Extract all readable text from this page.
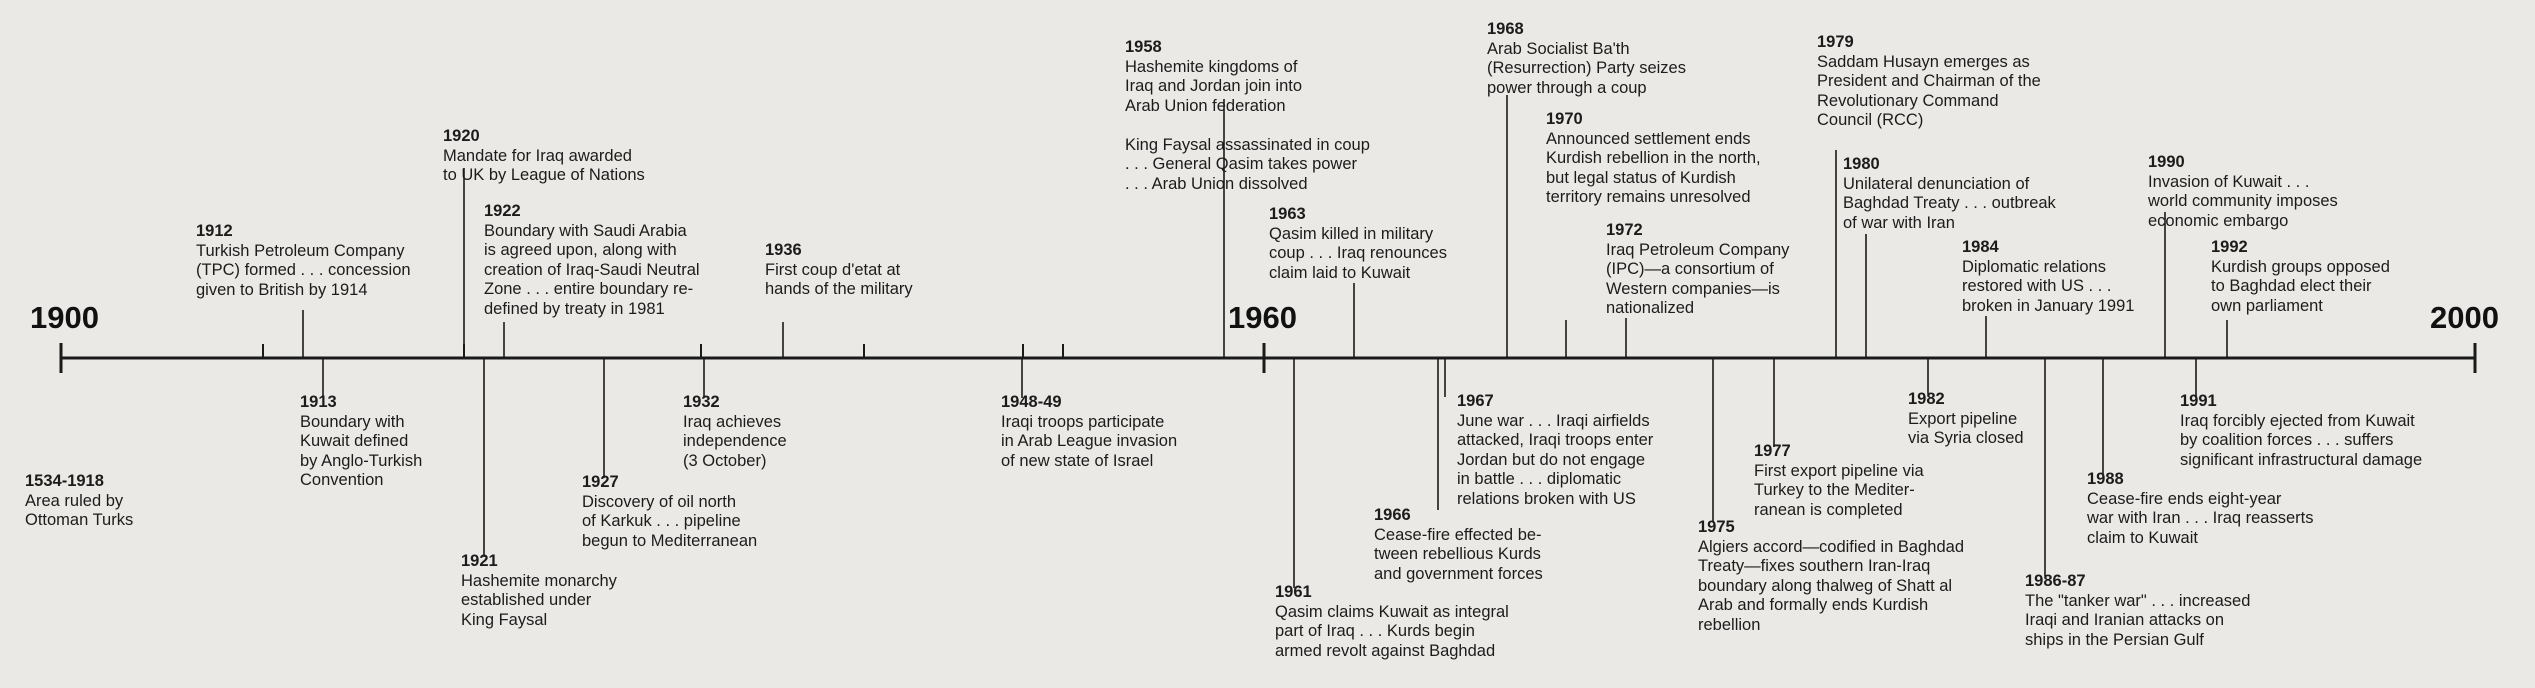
1900	1960	2000
1534-1918
Area ruled by
Ottoman Turks
1912
Turkish Petroleum Company
(TPC) formed . . . concession
given to British by 1914
1913
Boundary with
Kuwait defined
by Anglo-Turkish
Convention
1920
Mandate for Iraq awarded
to UK by League of Nations
1921
Hashemite monarchy
established under
King Faysal
1922
Boundary with Saudi Arabia
is agreed upon, along with
creation of Iraq-Saudi Neutral
Zone . . . entire boundary re-
defined by treaty in 1981
1927
Discovery of oil north
of Karkuk . . . pipeline
begun to Mediterranean
1932
Iraq achieves
independence
(3 October)
1936
First coup d'etat at
hands of the military
1948-49
Iraqi troops participate
in Arab League invasion
of new state of Israel
1958
Hashemite kingdoms of
Iraq and Jordan join into
Arab Union federation

King Faysal assassinated in coup
. . . General Qasim takes power
. . . Arab Union dissolved
1961
Qasim claims Kuwait as integral
part of Iraq . . . Kurds begin
armed revolt against Baghdad
1963
Qasim killed in military
coup . . . Iraq renounces
claim laid to Kuwait
1966
Cease-fire effected be-
tween rebellious Kurds
and government forces
1967
June war . . . Iraqi airfields
attacked, Iraqi troops enter
Jordan but do not engage
in battle . . . diplomatic
relations broken with US
1968
Arab Socialist Ba'th
(Resurrection) Party seizes
power through a coup
1970
Announced settlement ends
Kurdish rebellion in the north,
but legal status of Kurdish
territory remains unresolved
1972
Iraq Petroleum Company
(IPC)—a consortium of
Western companies—is
nationalized
1975
Algiers accord—codified in Baghdad
Treaty—fixes southern Iran-Iraq
boundary along thalweg of Shatt al
Arab and formally ends Kurdish
rebellion
1977
First export pipeline via
Turkey to the Mediter-
ranean is completed
1979
Saddam Husayn emerges as
President and Chairman of the
Revolutionary Command
Council (RCC)
1980
Unilateral denunciation of
Baghdad Treaty . . . outbreak
of war with Iran
1982
Export pipeline
via Syria closed
1984
Diplomatic relations
restored with US . . .
broken in January 1991
1986-87
The "tanker war" . . . increased
Iraqi and Iranian attacks on
ships in the Persian Gulf
1988
Cease-fire ends eight-year
war with Iran . . . Iraq reasserts
claim to Kuwait
1990
Invasion of Kuwait . . .
world community imposes
economic embargo
1991
Iraq forcibly ejected from Kuwait
by coalition forces . . . suffers
significant infrastructural damage
1992
Kurdish groups opposed
to Baghdad elect their
own parliament
